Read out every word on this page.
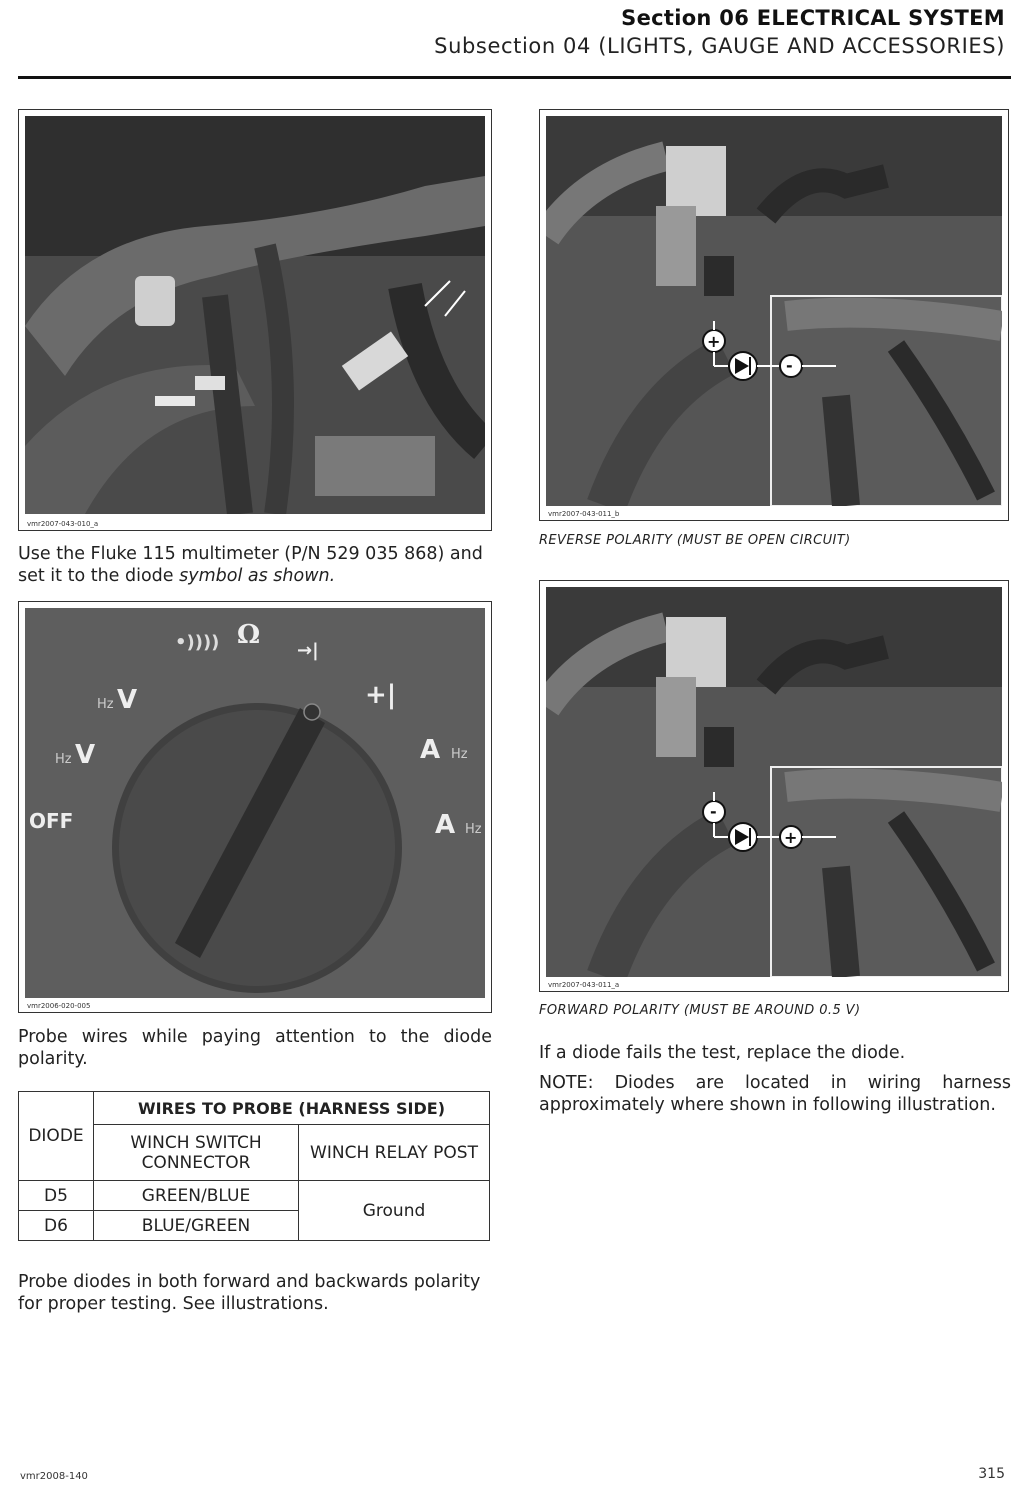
Section 06 ELECTRICAL SYSTEM
Subsection 04 (LIGHTS, GAUGE AND ACCESSORIES)
vmr2007-043-010_a
Use the Fluke 115 multimeter (P/N 529 035 868) and set it to the diode symbol as shown.
•)))) Ω
→|
+|
Hz V
Hz V
OFF
A Hz
A Hz
vmr2006-020-005
Probe wires while paying attention to the diode polarity.
DIODE	WIRES TO PROBE (HARNESS SIDE)	
	WINCH SWITCH CONNECTOR	WINCH RELAY POST
D5	GREEN/BLUE	Ground
D6	BLUE/GREEN	
Probe diodes in both forward and backwards polarity for proper testing. See illustrations.
+
-
vmr2007-043-011_b
REVERSE POLARITY (MUST BE OPEN CIRCUIT)
-
+
vmr2007-043-011_a
FORWARD POLARITY (MUST BE AROUND 0.5 V)
If a diode fails the test, replace the diode.
NOTE: Diodes are located in wiring harness approximately where shown in following illustration.
vmr2008-140	315
